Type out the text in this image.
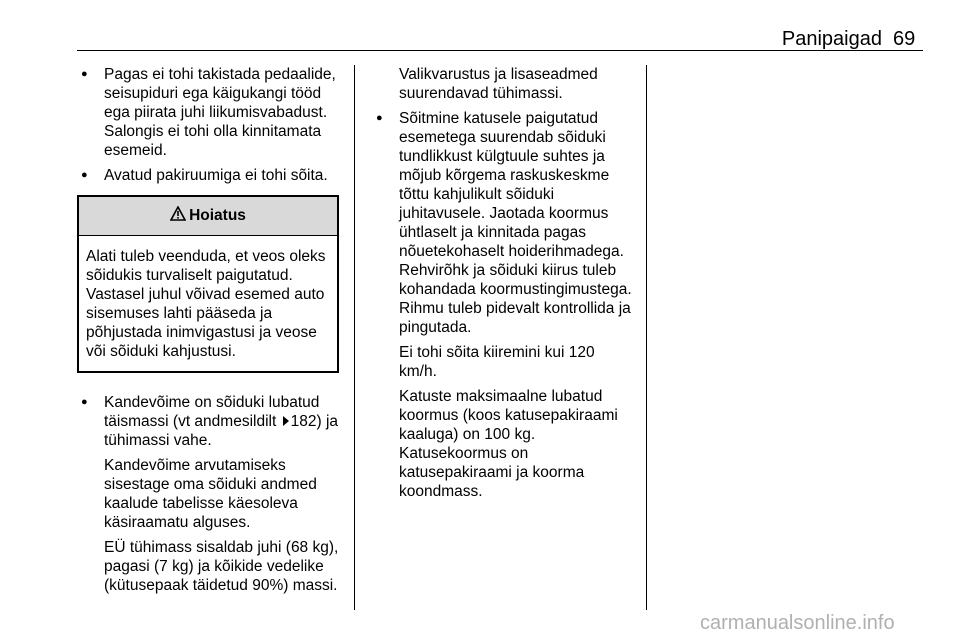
Panipaigad 69
● Pagas ei tohi takistada pedaalide, seisupiduri ega käigukangi tööd ega piirata juhi liikumisvabadust. Salongis ei tohi olla kinnitamata esemeid.
● Avatud pakiruumiga ei tohi sõita.
Hoiatus
Alati tuleb veenduda, et veos oleks sõidukis turvaliselt paigutatud. Vastasel juhul võivad esemed auto sisemuses lahti pääseda ja põhjustada inimvigastusi ja veose või sõiduki kahjustusi.
● Kandevõime on sõiduki lubatud täismassi (vt andmesildilt 182) ja tühimassi vahe.
Kandevõime arvutamiseks sisestage oma sõiduki andmed kaalude tabelisse käesoleva käsiraamatu alguses.
EÜ tühimass sisaldab juhi (68 kg), pagasi (7 kg) ja kõikide vedelike (kütusepaak täidetud 90%) massi.
Valikvarustus ja lisaseadmed suurendavad tühimassi.
● Sõitmine katusele paigutatud esemetega suurendab sõiduki tundlikkust külgtuule suhtes ja mõjub kõrgema raskuskeskme tõttu kahjulikult sõiduki juhitavusele. Jaotada koormus ühtlaselt ja kinnitada pagas nõuetekohaselt hoiderihmadega. Rehvirõhk ja sõiduki kiirus tuleb kohandada koormustingimustega. Rihmu tuleb pidevalt kontrollida ja pingutada.
Ei tohi sõita kiiremini kui 120 km/h.
Katuste maksimaalne lubatud koormus (koos katusepakiraami kaaluga) on 100 kg. Katusekoormus on katusepakiraami ja koorma koondmass.
carmanualsonline.info
